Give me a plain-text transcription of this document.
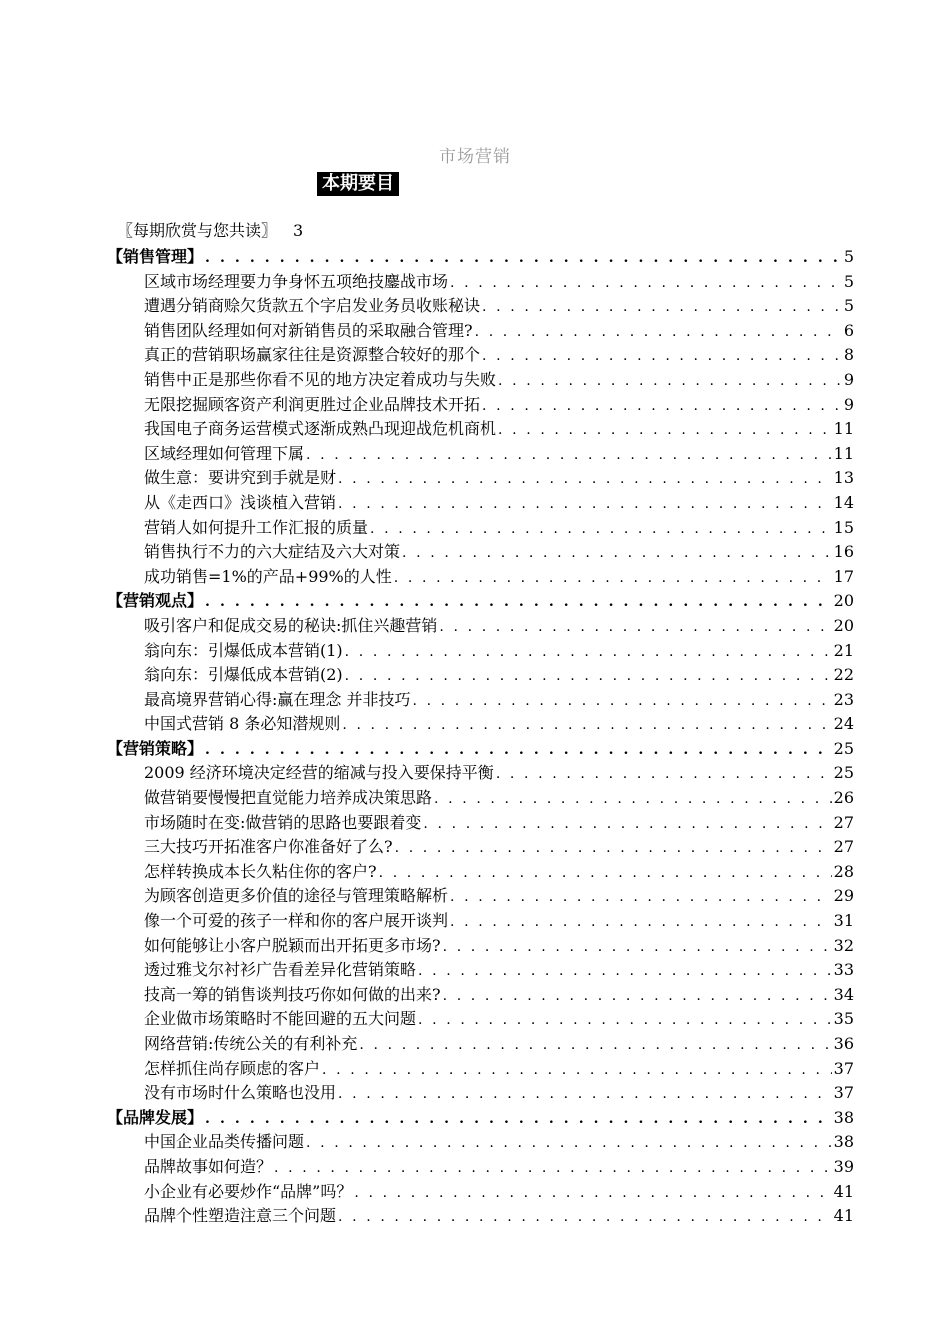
市场营销
本期要目
〖每期欣赏与您共读〗 3
【销售管理】 . . .	5
区域市场经理要力争身怀五项绝技鏖战市场 . . .	5
遭遇分销商赊欠货款五个字启发业务员收账秘诀 . . .	5
销售团队经理如何对新销售员的采取融合管理? . . .	6
真正的营销职场赢家往往是资源整合较好的那个 . . .	8
销售中正是那些你看不见的地方决定着成功与失败 . . .	9
无限挖掘顾客资产利润更胜过企业品牌技术开拓 . . .	9
我国电子商务运营模式逐渐成熟凸现迎战危机商机 . . .	11
区域经理如何管理下属 . . .	11
做生意：要讲究到手就是财 . . .	13
从《走西口》浅谈植入营销 . . .	14
营销人如何提升工作汇报的质量 . . .	15
销售执行不力的六大症结及六大对策 . . .	16
成功销售=1%的产品+99%的人性 . . .	17
【营销观点】 . . .	20
吸引客户和促成交易的秘诀:抓住兴趣营销 . . .	20
翁向东：引爆低成本营销(1) . . .	21
翁向东：引爆低成本营销(2) . . .	22
最高境界营销心得:赢在理念 并非技巧 . . .	23
中国式营销 8 条必知潜规则 . . .	24
【营销策略】 . . .	25
2009 经济环境决定经营的缩减与投入要保持平衡 . . .	25
做营销要慢慢把直觉能力培养成决策思路 . . .	26
市场随时在变:做营销的思路也要跟着变 . . .	27
三大技巧开拓准客户你准备好了么? . . .	27
怎样转换成本长久粘住你的客户? . . .	28
为顾客创造更多价值的途径与管理策略解析 . . .	29
像一个可爱的孩子一样和你的客户展开谈判 . . .	31
如何能够让小客户脱颖而出开拓更多市场? . . .	32
透过雅戈尔衬衫广告看差异化营销策略 . . .	33
技高一筹的销售谈判技巧你如何做的出来? . . .	34
企业做市场策略时不能回避的五大问题 . . .	35
网络营销:传统公关的有利补充 . . .	36
怎样抓住尚存顾虑的客户 . . .	37
没有市场时什么策略也没用 . . .	37
【品牌发展】 . . .	38
中国企业品类传播问题 . . .	38
品牌故事如何造？ . . .	39
小企业有必要炒作“品牌”吗？ . . .	41
品牌个性塑造注意三个问题 . . .	41
